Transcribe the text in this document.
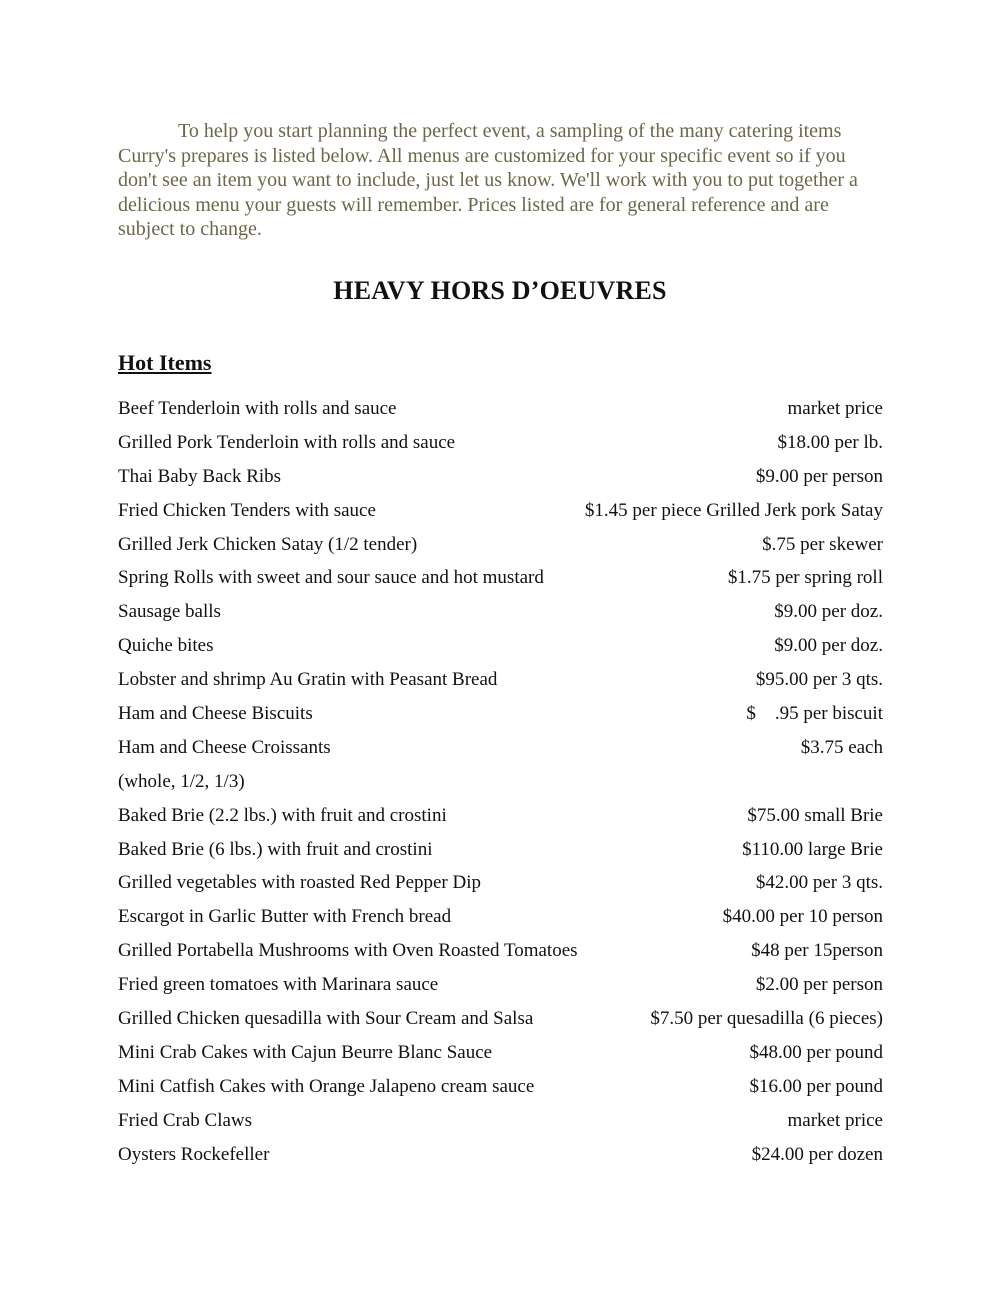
To help you start planning the perfect event, a sampling of the many catering items Curry's prepares is listed below. All menus are customized for your specific event so if you don't see an item you want to include, just let us know. We'll work with you to put together a delicious menu your guests will remember. Prices listed are for general reference and are subject to change.

HEAVY HORS D’OEUVRES
Hot Items
Beef Tenderloin with rolls and sauce	market price
Grilled Pork Tenderloin with rolls and sauce	$18.00 per lb.
Thai Baby Back Ribs	$9.00 per person
Fried Chicken Tenders with sauce	$1.45 per piece Grilled Jerk pork Satay
Grilled Jerk Chicken Satay (1/2 tender)	$.75 per skewer
Spring Rolls with sweet and sour sauce and hot mustard	$1.75 per spring roll
Sausage balls	$9.00 per doz.
Quiche bites	$9.00 per doz.
Lobster and shrimp Au Gratin with Peasant Bread	$95.00 per 3 qts.
Ham and Cheese Biscuits	$    .95 per biscuit
Ham and Cheese Croissants	$3.75 each
(whole, 1/2, 1/3)
Baked Brie (2.2 lbs.) with fruit and crostini	$75.00 small Brie
Baked Brie (6 lbs.) with fruit and crostini	$110.00 large Brie
Grilled vegetables with roasted Red Pepper Dip	$42.00 per 3 qts.
Escargot in Garlic Butter with French bread	$40.00 per 10 person
Grilled Portabella Mushrooms with Oven Roasted Tomatoes	$48 per 15person
Fried green tomatoes with Marinara sauce	$2.00 per person
Grilled Chicken quesadilla with Sour Cream and Salsa	$7.50 per quesadilla (6 pieces)
Mini Crab Cakes with Cajun Beurre Blanc Sauce	$48.00 per pound
Mini Catfish Cakes with Orange Jalapeno cream sauce	$16.00 per pound
Fried Crab Claws	market price
Oysters Rockefeller	$24.00 per dozen
